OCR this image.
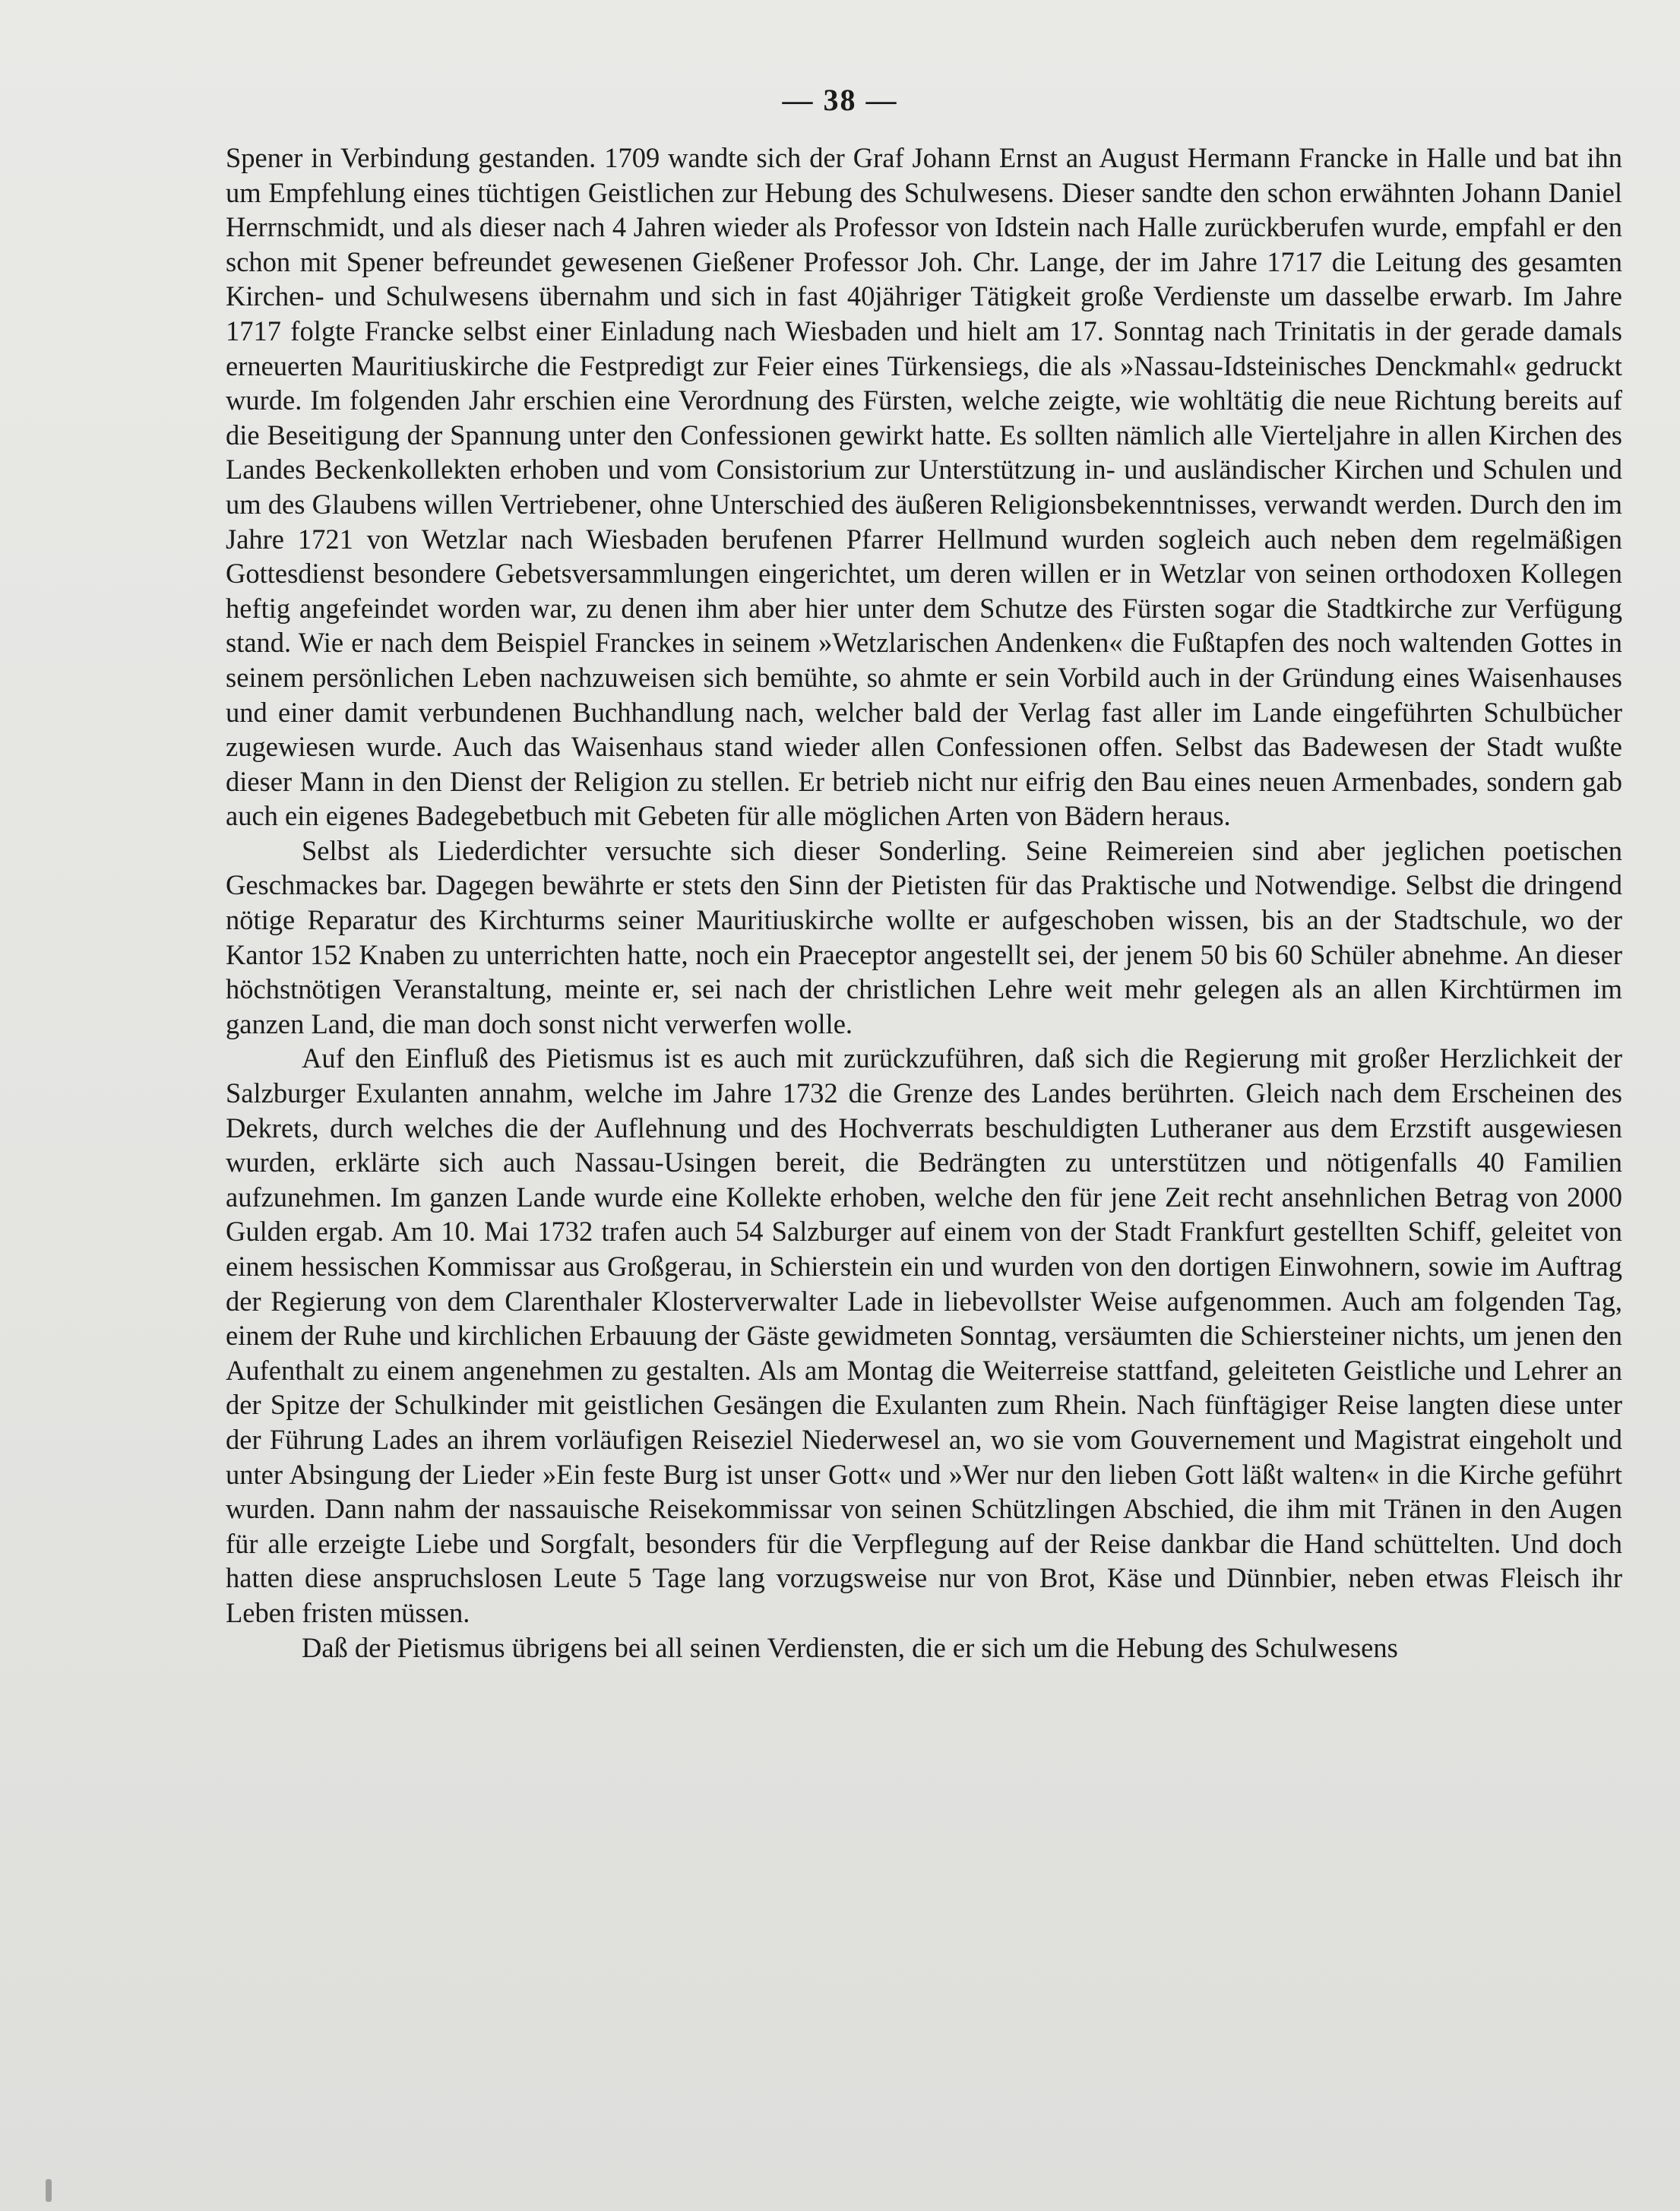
— 38 —

Spener in Verbindung gestanden. 1709 wandte sich der Graf Johann Ernst an August Hermann Francke in Halle und bat ihn um Empfehlung eines tüchtigen Geistlichen zur Hebung des Schulwesens. Dieser sandte den schon erwähnten Johann Daniel Herrnschmidt, und als dieser nach 4 Jahren wieder als Professor von Idstein nach Halle zurückberufen wurde, empfahl er den schon mit Spener befreundet gewesenen Gießener Professor Joh. Chr. Lange, der im Jahre 1717 die Leitung des gesamten Kirchen- und Schulwesens übernahm und sich in fast 40jähriger Tätigkeit große Verdienste um dasselbe erwarb. Im Jahre 1717 folgte Francke selbst einer Einladung nach Wiesbaden und hielt am 17. Sonntag nach Trinitatis in der gerade damals erneuerten Mauritiuskirche die Festpredigt zur Feier eines Türkensiegs, die als »Nassau-Idsteinisches Denckmahl« gedruckt wurde. Im folgenden Jahr erschien eine Verordnung des Fürsten, welche zeigte, wie wohltätig die neue Richtung bereits auf die Beseitigung der Spannung unter den Confessionen gewirkt hatte. Es sollten nämlich alle Vierteljahre in allen Kirchen des Landes Beckenkollekten erhoben und vom Consistorium zur Unterstützung in- und ausländischer Kirchen und Schulen und um des Glaubens willen Vertriebener, ohne Unterschied des äußeren Religionsbekenntnisses, verwandt werden. Durch den im Jahre 1721 von Wetzlar nach Wiesbaden berufenen Pfarrer Hellmund wurden sogleich auch neben dem regelmäßigen Gottesdienst besondere Gebetsversammlungen eingerichtet, um deren willen er in Wetzlar von seinen orthodoxen Kollegen heftig angefeindet worden war, zu denen ihm aber hier unter dem Schutze des Fürsten sogar die Stadtkirche zur Verfügung stand. Wie er nach dem Beispiel Franckes in seinem »Wetzlarischen Andenken« die Fußtapfen des noch waltenden Gottes in seinem persönlichen Leben nachzuweisen sich bemühte, so ahmte er sein Vorbild auch in der Gründung eines Waisenhauses und einer damit verbundenen Buchhandlung nach, welcher bald der Verlag fast aller im Lande eingeführten Schulbücher zugewiesen wurde. Auch das Waisenhaus stand wieder allen Confessionen offen. Selbst das Badewesen der Stadt wußte dieser Mann in den Dienst der Religion zu stellen. Er betrieb nicht nur eifrig den Bau eines neuen Armenbades, sondern gab auch ein eigenes Badegebetbuch mit Gebeten für alle möglichen Arten von Bädern heraus.

Selbst als Liederdichter versuchte sich dieser Sonderling. Seine Reimereien sind aber jeglichen poetischen Geschmackes bar. Dagegen bewährte er stets den Sinn der Pietisten für das Praktische und Notwendige. Selbst die dringend nötige Reparatur des Kirchturms seiner Mauritiuskirche wollte er aufgeschoben wissen, bis an der Stadtschule, wo der Kantor 152 Knaben zu unterrichten hatte, noch ein Praeceptor angestellt sei, der jenem 50 bis 60 Schüler abnehme. An dieser höchstnötigen Veranstaltung, meinte er, sei nach der christlichen Lehre weit mehr gelegen als an allen Kirchtürmen im ganzen Land, die man doch sonst nicht verwerfen wolle.

Auf den Einfluß des Pietismus ist es auch mit zurückzuführen, daß sich die Regierung mit großer Herzlichkeit der Salzburger Exulanten annahm, welche im Jahre 1732 die Grenze des Landes berührten. Gleich nach dem Erscheinen des Dekrets, durch welches die der Auflehnung und des Hochverrats beschuldigten Lutheraner aus dem Erzstift ausgewiesen wurden, erklärte sich auch Nassau-Usingen bereit, die Bedrängten zu unterstützen und nötigenfalls 40 Familien aufzunehmen. Im ganzen Lande wurde eine Kollekte erhoben, welche den für jene Zeit recht ansehnlichen Betrag von 2000 Gulden ergab. Am 10. Mai 1732 trafen auch 54 Salzburger auf einem von der Stadt Frankfurt gestellten Schiff, geleitet von einem hessischen Kommissar aus Großgerau, in Schierstein ein und wurden von den dortigen Einwohnern, sowie im Auftrag der Regierung von dem Clarenthaler Klosterverwalter Lade in liebevollster Weise aufgenommen. Auch am folgenden Tag, einem der Ruhe und kirchlichen Erbauung der Gäste gewidmeten Sonntag, versäumten die Schiersteiner nichts, um jenen den Aufenthalt zu einem angenehmen zu gestalten. Als am Montag die Weiterreise stattfand, geleiteten Geistliche und Lehrer an der Spitze der Schulkinder mit geistlichen Gesängen die Exulanten zum Rhein. Nach fünftägiger Reise langten diese unter der Führung Lades an ihrem vorläufigen Reiseziel Niederwesel an, wo sie vom Gouvernement und Magistrat eingeholt und unter Absingung der Lieder »Ein feste Burg ist unser Gott« und »Wer nur den lieben Gott läßt walten« in die Kirche geführt wurden. Dann nahm der nassauische Reisekommissar von seinen Schützlingen Abschied, die ihm mit Tränen in den Augen für alle erzeigte Liebe und Sorgfalt, besonders für die Verpflegung auf der Reise dankbar die Hand schüttelten. Und doch hatten diese anspruchslosen Leute 5 Tage lang vorzugsweise nur von Brot, Käse und Dünnbier, neben etwas Fleisch ihr Leben fristen müssen.

Daß der Pietismus übrigens bei all seinen Verdiensten, die er sich um die Hebung des Schulwesens
